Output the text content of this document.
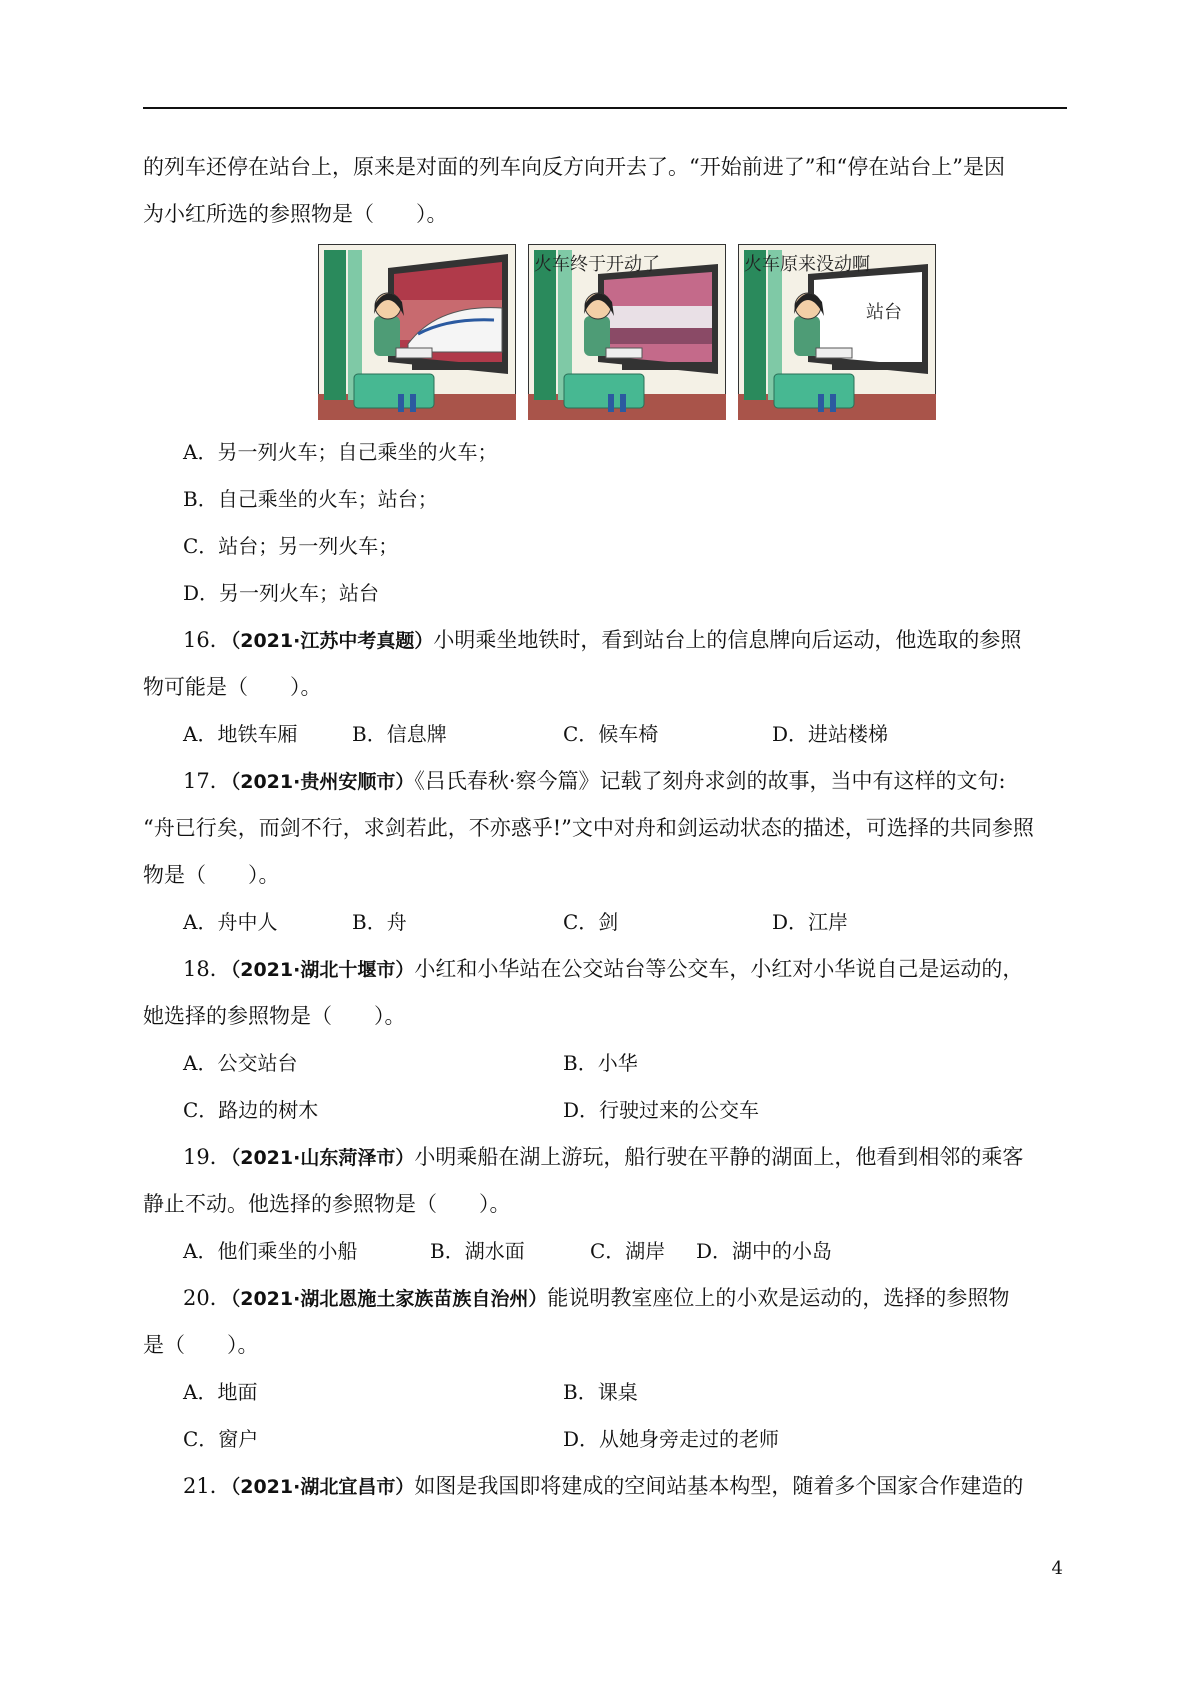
的列车还停在站台上，原来是对面的列车向反方向开去了。“开始前进了”和“停在站台上”是因
为小红所选的参照物是（　　）。
火车终于开动了	火车原来没动啊
站台
A．另一列火车；自己乘坐的火车；
B．自己乘坐的火车；站台；
C．站台；另一列火车；
D．另一列火车；站台
16．（2021·江苏中考真题）小明乘坐地铁时，看到站台上的信息牌向后运动，他选取的参照
物可能是（　　）。
A．地铁车厢	B．信息牌	C．候车椅	D．进站楼梯
17．（2021·贵州安顺市）《吕氏春秋·察今篇》记载了刻舟求剑的故事，当中有这样的文句:
“舟已行矣，而剑不行，求剑若此，不亦惑乎!”文中对舟和剑运动状态的描述，可选择的共同参照
物是（　　）。
A．舟中人	B．舟	C．剑	D．江岸
18．（2021·湖北十堰市）小红和小华站在公交站台等公交车，小红对小华说自己是运动的，
她选择的参照物是（　　）。
A．公交站台	B．小华
C．路边的树木	D．行驶过来的公交车
19．（2021·山东菏泽市）小明乘船在湖上游玩，船行驶在平静的湖面上，他看到相邻的乘客
静止不动。他选择的参照物是（　　）。
A．他们乘坐的小船	B．湖水面	C．湖岸 D．湖中的小岛
20．（2021·湖北恩施土家族苗族自治州）能说明教室座位上的小欢是运动的，选择的参照物
是（　　）。
A．地面	B．课桌
C．窗户	D．从她身旁走过的老师
21．（2021·湖北宜昌市）如图是我国即将建成的空间站基本构型，随着多个国家合作建造的
4
